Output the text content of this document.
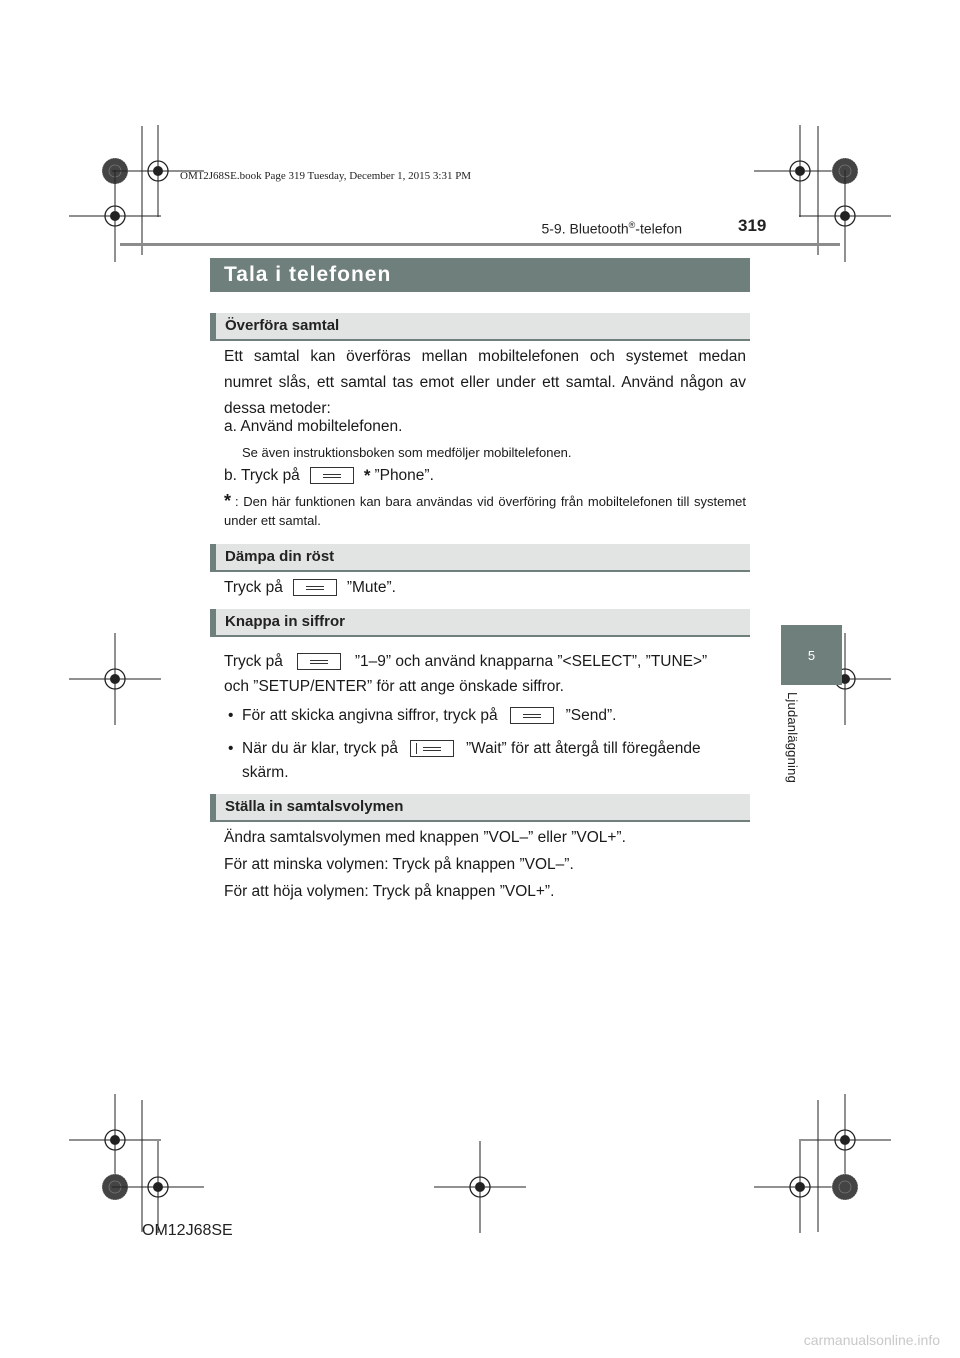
OM12J68SE.book Page 319 Tuesday, December 1, 2015 3:31 PM
5-9. Bluetooth®-telefon	319
5
Ljudanläggning
Tala i telefonen
Överföra samtal
Ett samtal kan överföras mellan mobiltelefonen och systemet medan numret slås, ett samtal tas emot eller under ett samtal. Använd någon av dessa metoder:
a. Använd mobiltelefonen.
Se även instruktionsboken som medföljer mobiltelefonen.
b. Tryck på	* ”Phone”.
* : Den här funktionen kan bara användas vid överföring från mobiltelefonen till systemet under ett samtal.
Dämpa din röst
Tryck på	”Mute”.
Knappa in siffror
Tryck på	”1–9” och använd knapparna ”<SELECT”, ”TUNE>”
och ”SETUP/ENTER” för att ange önskade siffror.
•  För att skicka angivna siffror, tryck på	”Send”.
•  När du är klar, tryck på	”Wait” för att återgå till föregående
skärm.
Ställa in samtalsvolymen
Ändra samtalsvolymen med knappen ”VOL–” eller ”VOL+”.
För att minska volymen: Tryck på knappen ”VOL–”.
För att höja volymen: Tryck på knappen ”VOL+”.
OM12J68SE
carmanualsonline.info
